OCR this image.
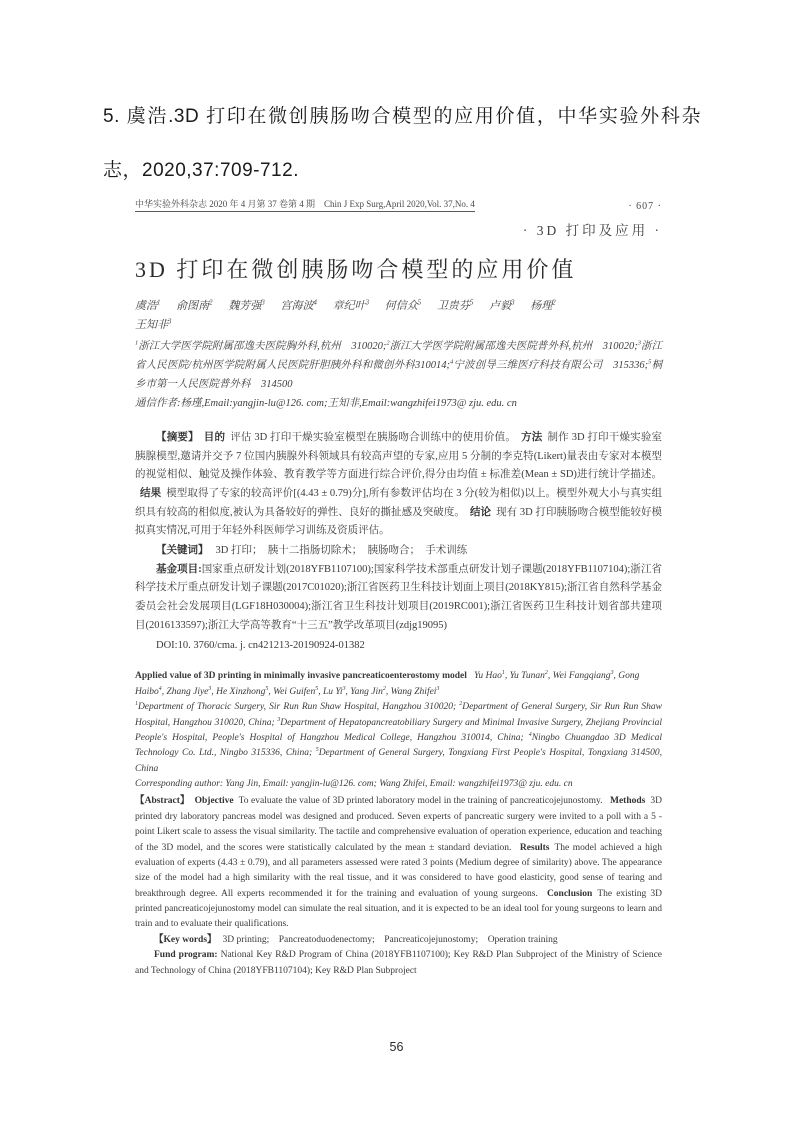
5. 虞浩.3D 打印在微创胰肠吻合模型的应用价值，中华实验外科杂志，2020,37:709-712.

中华实验外科杂志 2020 年 4 月第 37 卷第 4 期　Chin J Exp Surg,April 2020,Vol. 37,No. 4	· 607 ·
· 3D 打印及应用 ·
3D 打印在微创胰肠吻合模型的应用价值

虞浩$^1$ 俞图南$^2$ 魏芳强$^3$ 宫海波$^4$ 章纪叶$^3$ 何信众$^5$ 卫贵芬$^5$ 卢毅$^3$ 杨理$^2$ 王知非$^3$

$^1$浙江大学医学院附属邵逸夫医院胸外科,杭州　310020;$^2$浙江大学医学院附属邵逸夫医院普外科,杭州　310020;$^3$浙江省人民医院/杭州医学院附属人民医院肝胆胰外科和微创外科310014;$^4$宁波创导三维医疗科技有限公司　315336;$^5$桐乡市第一人民医院普外科　314500

通信作者:杨瑾,Email:yangjin-lu@126. com;王知非,Email:wangzhifei1973@ zju. edu. cn

【摘要】 目的 评估 3D 打印干燥实验室模型在胰肠吻合训练中的使用价值。 方法 制作 3D 打印干燥实验室胰腺模型,邀请并交予 7 位国内胰腺外科领域具有较高声望的专家,应用 5 分制的李克特(Likert)量表由专家对本模型的视觉相似、触觉及操作体验、教育教学等方面进行综合评价,得分由均值 ± 标准差(Mean ± SD)进行统计学描述。结果 模型取得了专家的较高评价[(4.43 ± 0.79)分],所有参数评估均在 3 分(较为相似)以上。模型外观大小与真实组织具有较高的相似度,被认为具备较好的弹性、良好的撕扯感及突破度。 结论 现有 3D 打印胰肠吻合模型能较好模拟真实情况,可用于年轻外科医师学习训练及资质评估。

【关键词】 3D 打印；　胰十二指肠切除术；　胰肠吻合；　手术训练

基金项目:国家重点研发计划(2018YFB1107100);国家科学技术部重点研发计划子课题(2018YFB1107104);浙江省科学技术厅重点研发计划子课题(2017C01020);浙江省医药卫生科技计划面上项目(2018KY815);浙江省自然科学基金委员会社会发展项目(LGF18H030004);浙江省卫生科技计划项目(2019RC001);浙江省医药卫生科技计划省部共建项目(2016133597);浙江大学高等教育“十三五”教学改革项目(zdjg19095)

DOI:10. 3760/cma. j. cn421213-20190924-01382

Applied value of 3D printing in minimally invasive pancreaticoenterostomy model Yu Hao$^1$ , Yu Tunan$^2$ , Wei Fangqiang$^3$ , Gong Haibo$^4$ , Zhang Jiye$^3$ , He Xinzhong$^5$ , Wei Guifen$^5$ , Lu Yi$^3$ , Yang Jin$^2$ , Wang Zhifei$^3$

$^1$Department of Thoracic Surgery, Sir Run Run Shaw Hospital, Hangzhou 310020; $^2$Department of General Surgery, Sir Run Run Shaw Hospital, Hangzhou 310020, China; $^3$Department of Hepatopancreatobiliary Surgery and Minimal Invasive Surgery, Zhejiang Provincial People's Hospital, People's Hospital of Hangzhou Medical College, Hangzhou 310014, China; $^4$Ningbo Chuangdao 3D Medical Technology Co. Ltd., Ningbo 315336, China; $^5$Department of General Surgery, Tongxiang First People's Hospital, Tongxiang 314500, China

Corresponding author: Yang Jin, Email: yangjin-lu@126. com; Wang Zhifei, Email: wangzhifei1973@ zju. edu. cn

【Abstract】 Objective To evaluate the value of 3D printed laboratory model in the training of pancreaticojejunostomy. Methods 3D printed dry laboratory pancreas model was designed and produced. Seven experts of pancreatic surgery were invited to a poll with a 5 - point Likert scale to assess the visual similarity. The tactile and comprehensive evaluation of operation experience, education and teaching of the 3D model, and the scores were statistically calculated by the mean ± standard deviation. Results The model achieved a high evaluation of experts (4.43 ± 0.79), and all parameters assessed were rated 3 points (Medium degree of similarity) above. The appearance size of the model had a high similarity with the real tissue, and it was considered to have good elasticity, good sense of tearing and breakthrough degree. All experts recommended it for the training and evaluation of young surgeons. Conclusion The existing 3D printed pancreaticojejunostomy model can simulate the real situation, and it is expected to be an ideal tool for young surgeons to learn and train and to evaluate their qualifications.

【Key words】 3D printing;　Pancreatoduodenectomy;　Pancreaticojejunostomy;　Operation training

Fund program: National Key R&D Program of China (2018YFB1107100); Key R&D Plan Subproject of the Ministry of Science and Technology of China (2018YFB1107104); Key R&D Plan Subproject

56
